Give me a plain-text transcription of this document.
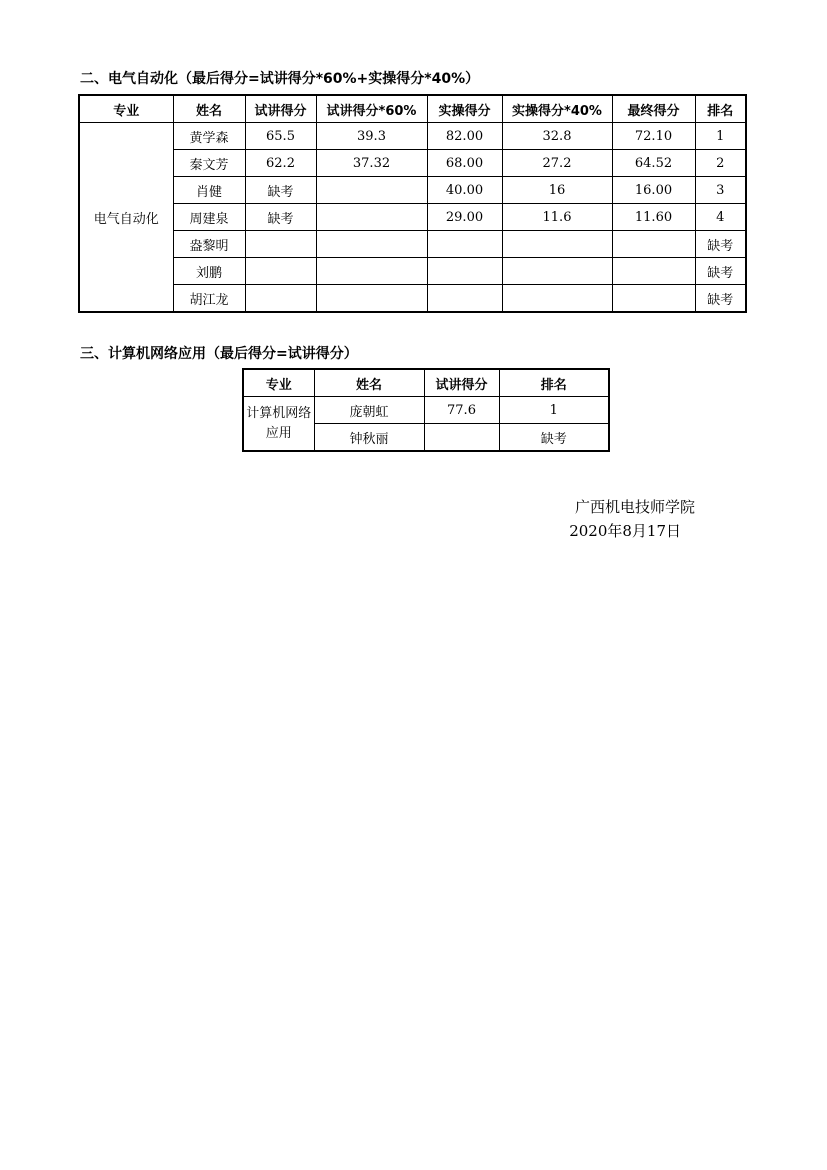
二、电气自动化（最后得分=试讲得分*60%+实操得分*40%）
专业	姓名	试讲得分	试讲得分*60%	实操得分	实操得分*40%	最终得分	排名
电气自动化	黄学森	65.5	39.3	82.00	32.8	72.10	1
	秦文芳	62.2	37.32	68.00	27.2	64.52	2
	肖健	缺考		40.00	16	16.00	3
	周建泉	缺考		29.00	11.6	11.60	4
	盎黎明						缺考
	刘鹏						缺考
	胡江龙						缺考
三、计算机网络应用（最后得分=试讲得分）
专业	姓名	试讲得分	排名
计算机网络应用	庞朝虹	77.6	1
	钟秋丽		缺考
广西机电技师学院
2020年8月17日
